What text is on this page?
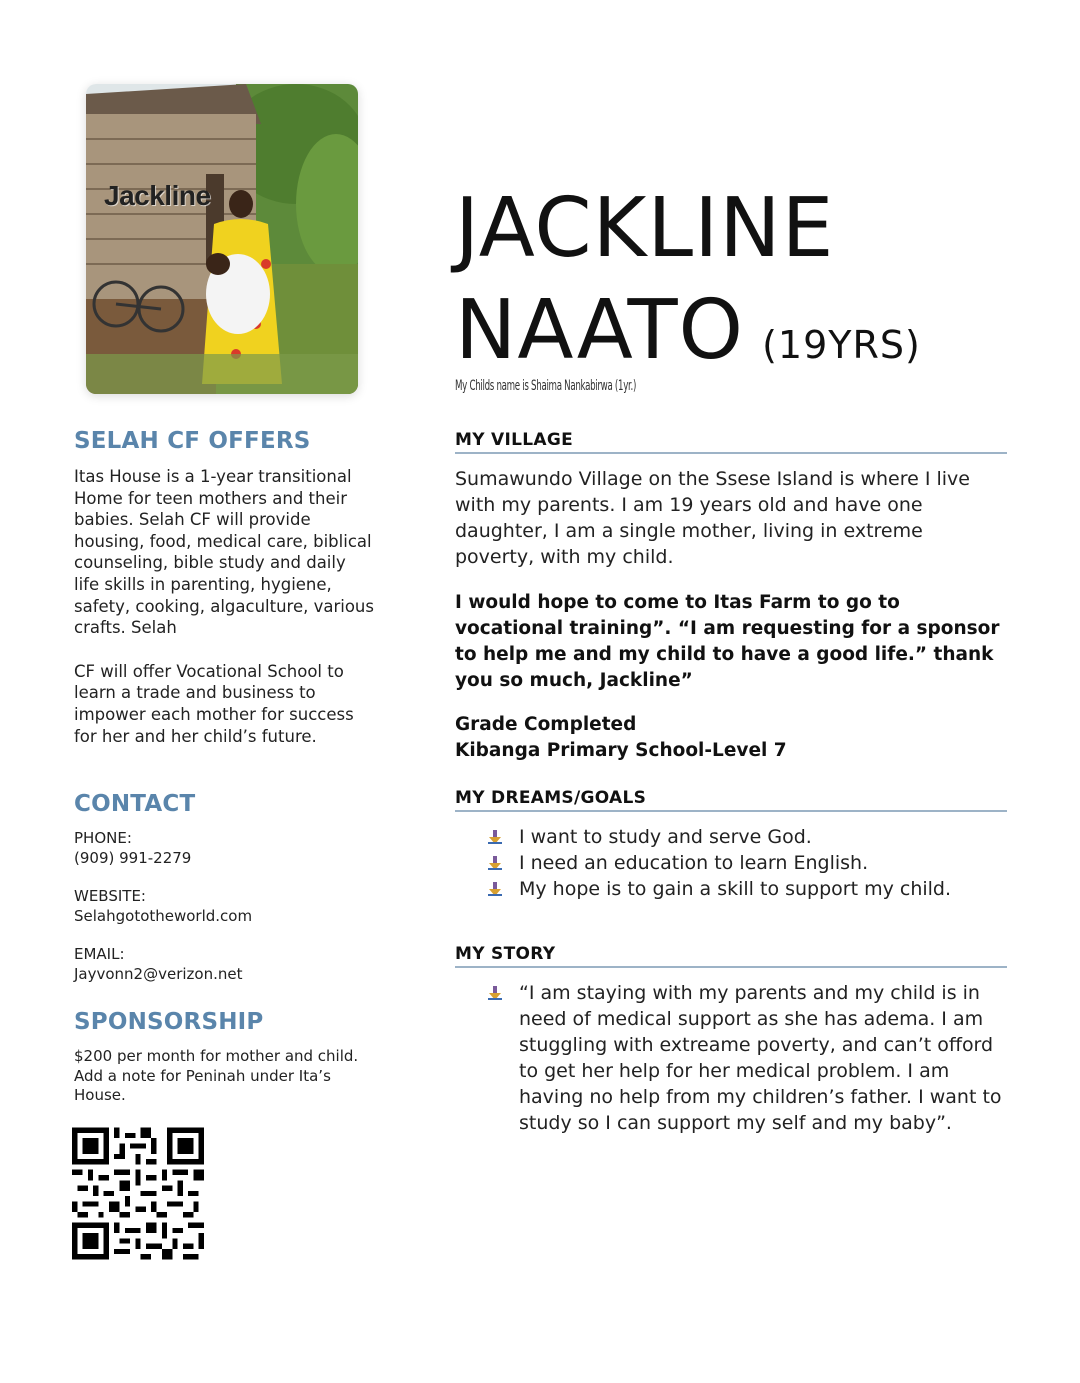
Jackline	JACKLINE
NAATO (19YRS)
My Childs name is Shaima Nankabirwa (1yr.)
SELAH CF OFFERS

Itas House is a 1-year transitional Home for teen mothers and their babies. Selah CF will provide housing, food, medical care, biblical counseling, bible study and daily life skills in parenting, hygiene, safety, cooking, algaculture, various crafts. Selah

CF will offer Vocational School to learn a trade and business to impower each mother for success for her and her child’s future.

CONTACT

PHONE:

(909) 991-2279

WEBSITE:

Selahgototheworld.com

EMAIL:

Jayvonn2@verizon.net

SPONSORSHIP

$200 per month for mother and child. Add a note for Peninah under Ita’s House.

MY VILLAGE

Sumawundo Village on the Ssese Island is where I live with my parents. I am 19 years old and have one daughter, I am a single mother, living in extreme poverty, with my child.

I would hope to come to Itas Farm to go to vocational training”. “I am requesting for a sponsor to help me and my child to have a good life.” thank you so much, Jackline”

Grade Completed

Kibanga Primary School-Level 7

MY DREAMS/GOALS
I want to study and serve God.
I need an education to learn English.
My hope is to gain a skill to support my child.
MY STORY
“I am staying with my parents and my child is in need of medical support as she has adema. I am stuggling with extreame poverty, and can’t offord to get her help for her medical problem. I am having no help from my children’s father. I want to study so I can support my self and my baby”.
